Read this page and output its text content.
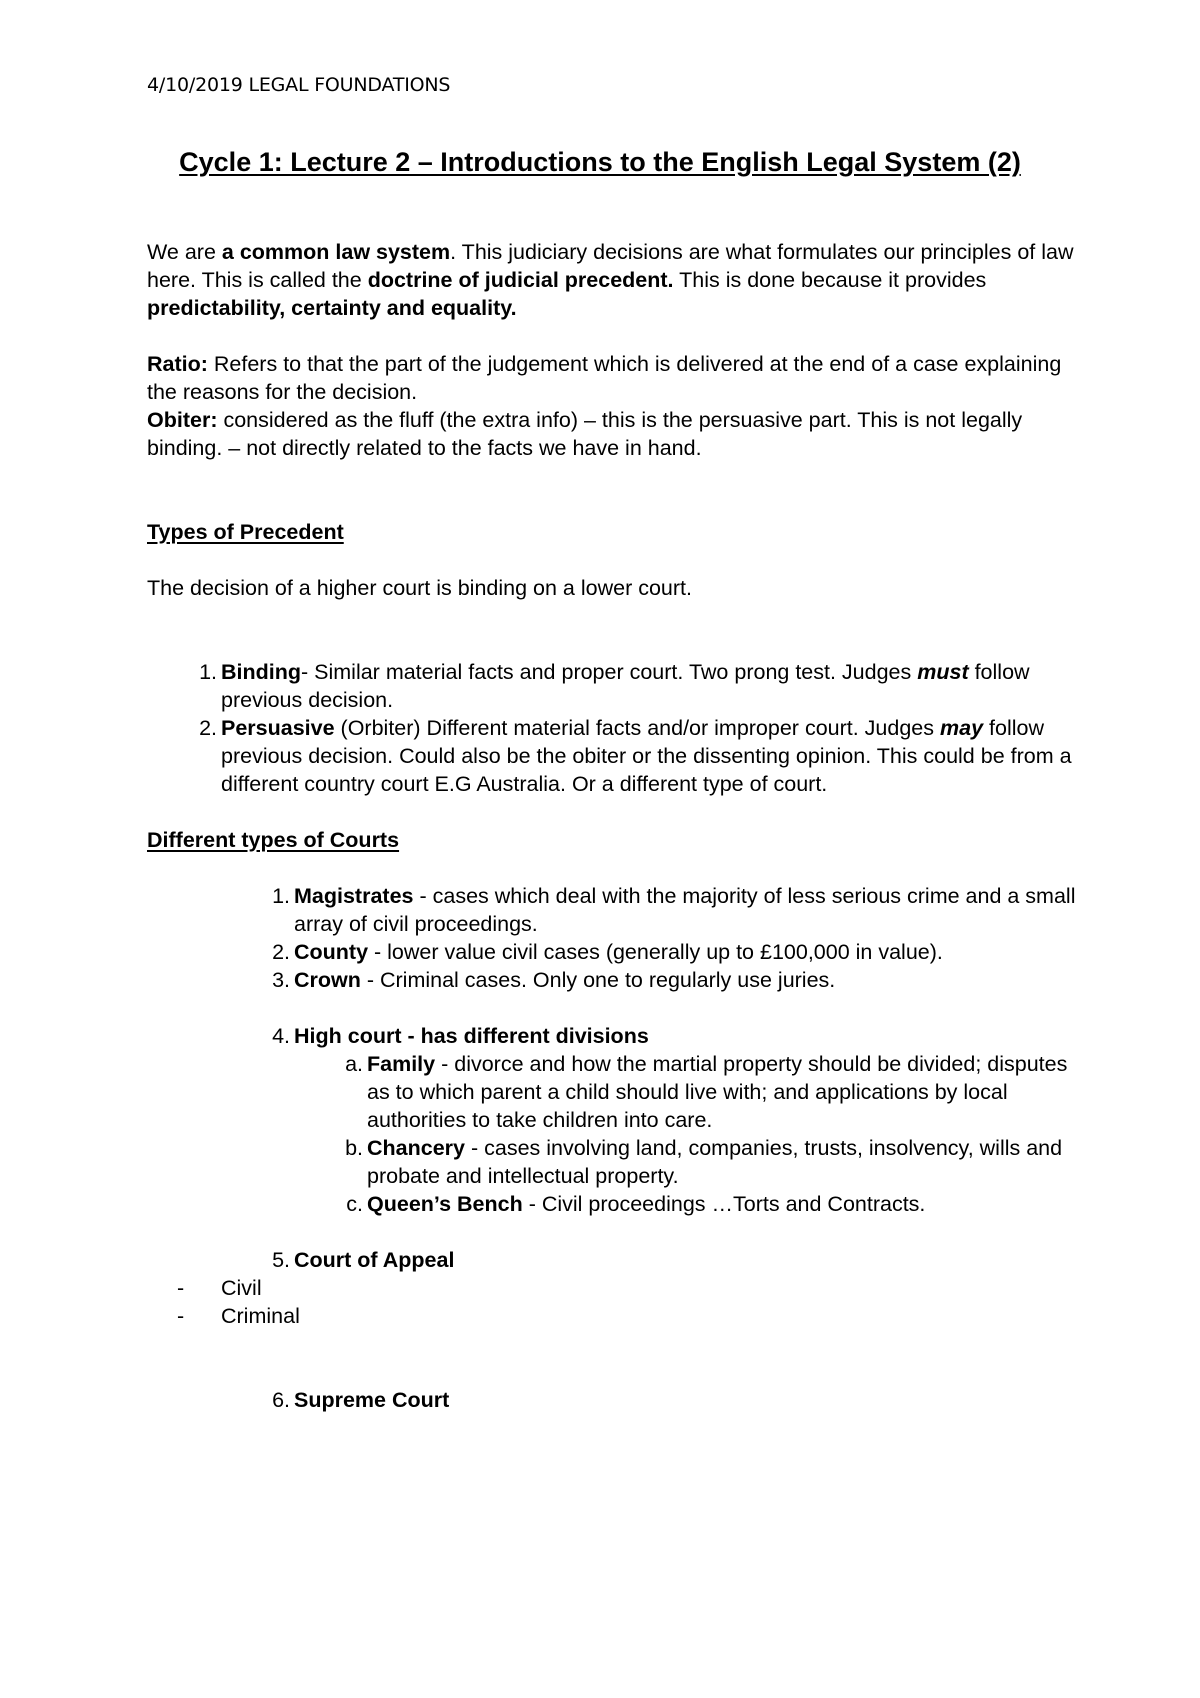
4/10/2019 LEGAL FOUNDATIONS
Cycle 1: Lecture 2 – Introductions to the English Legal System (2)

We are a common law system. This judiciary decisions are what formulates our principles of law here. This is called the doctrine of judicial precedent. This is done because it provides predictability, certainty and equality.

Ratio: Refers to that the part of the judgement which is delivered at the end of a case explaining the reasons for the decision.

Obiter: considered as the fluff (the extra info) – this is the persuasive part. This is not legally binding. – not directly related to the facts we have in hand.

Types of Precedent

The decision of a higher court is binding on a lower court.

1. Binding- Similar material facts and proper court. Two prong test. Judges must follow previous decision.
2. Persuasive (Orbiter) Different material facts and/or improper court. Judges may follow previous decision. Could also be the obiter or the dissenting opinion. This could be from a different country court E.G Australia. Or a different type of court.

Different types of Courts

1. Magistrates - cases which deal with the majority of less serious crime and a small array of civil proceedings.
2. County - lower value civil cases (generally up to £100,000 in value).
3. Crown - Criminal cases. Only one to regularly use juries.
4. High court - has different divisions
a. Family - divorce and how the martial property should be divided; disputes as to which parent a child should live with; and applications by local authorities to take children into care.
b. Chancery - cases involving land, companies, trusts, insolvency, wills and probate and intellectual property.
c. Queen’s Bench - Civil proceedings …Torts and Contracts.
5. Court of Appeal
-	Civil
-	Criminal
6. Supreme Court
